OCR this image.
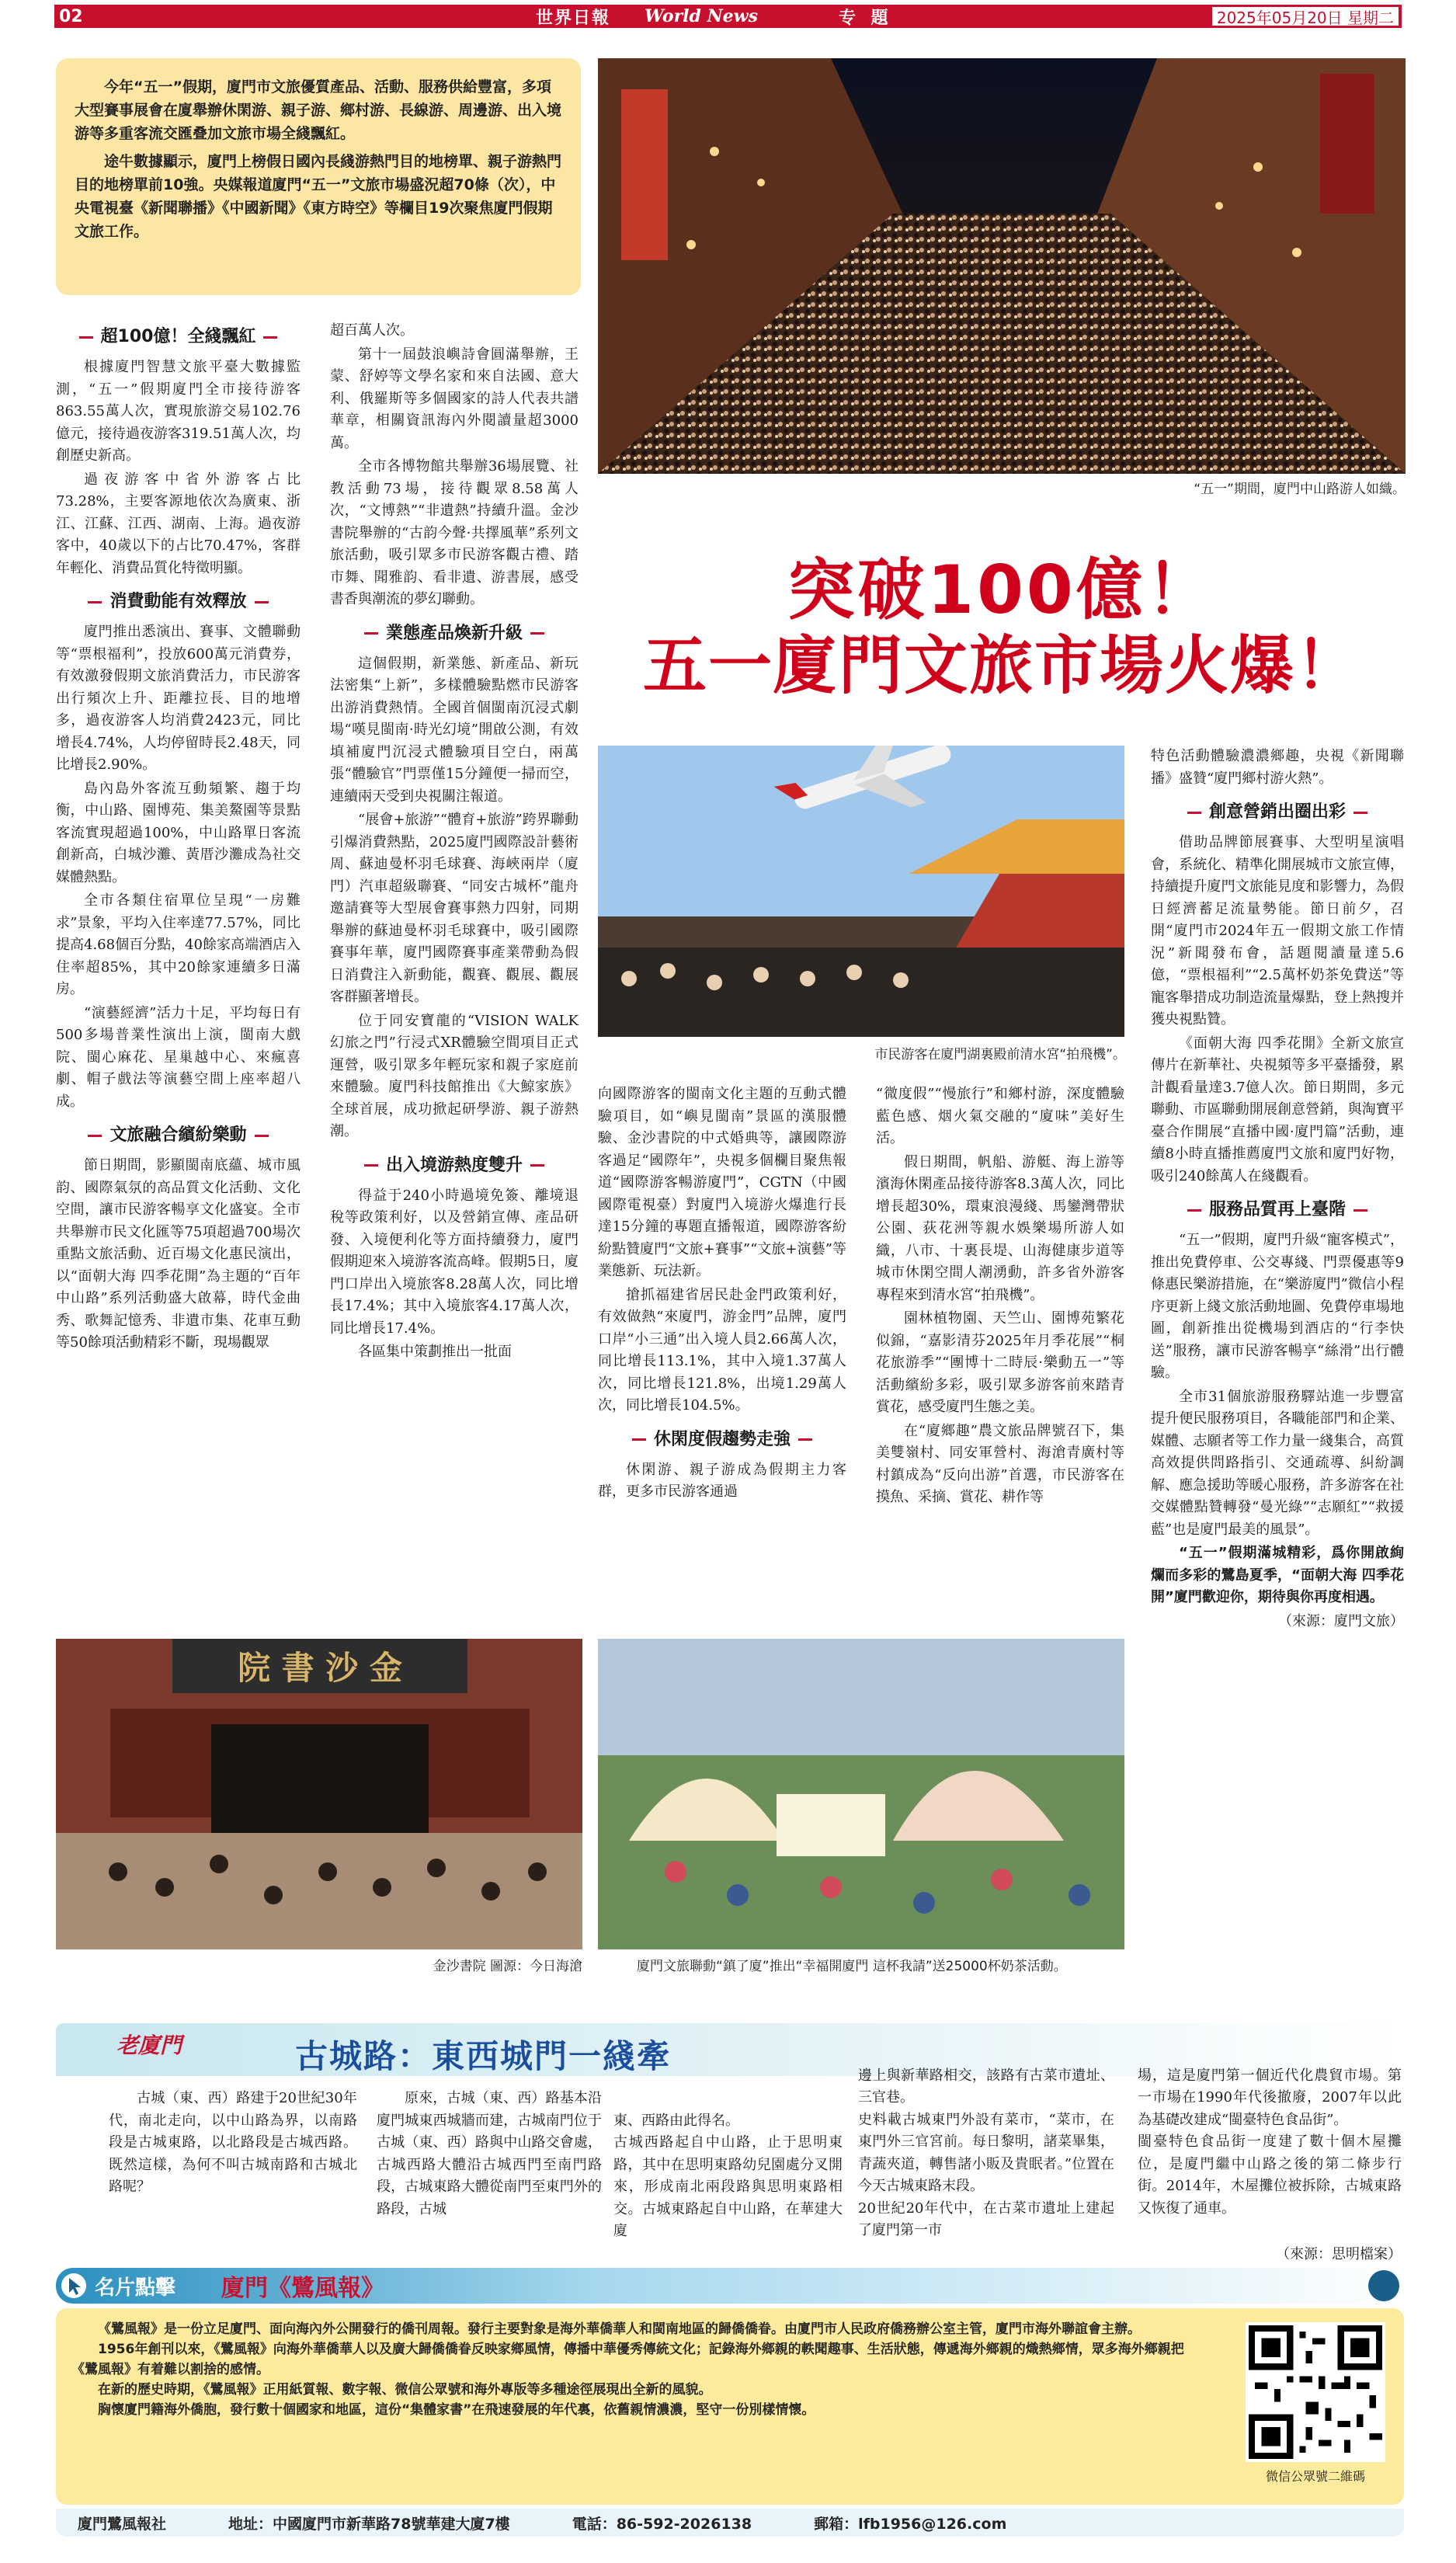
02	世界日報 World News	专 題	2025年05月20日 星期二

今年“五一”假期，廈門市文旅優質產品、活動、服務供給豐富，多項大型賽事展會在廈舉辦休閑游、親子游、鄉村游、長線游、周邊游、出入境游等多重客流交匯叠加文旅市場全綫飄紅。

途牛數據顯示，廈門上榜假日國內長綫游熱門目的地榜單、親子游熱門目的地榜單前10強。央媒報道廈門“五一”文旅市場盛況超70條（次），中央電視臺《新聞聯播》《中國新聞》《東方時空》等欄目19次聚焦廈門假期文旅工作。

“五一”期間，廈門中山路游人如織。
突破100億！
五一廈門文旅市場火爆！
市民游客在廈門湖裏殿前清水宮“拍飛機”。
院 書 沙 金
金沙書院 圖源：今日海滄	廈門文旅聯動“鎮了廈”推出“幸福開廈門 這杯我請”送25000杯奶茶活動。
超100億！全綫飄紅

根據廈門智慧文旅平臺大數據監測，“五一”假期廈門全市接待游客863.55萬人次，實現旅游交易102.76億元，接待過夜游客319.51萬人次，均創歷史新高。

過夜游客中省外游客占比73.28%，主要客源地依次為廣東、浙江、江蘇、江西、湖南、上海。過夜游客中，40歲以下的占比70.47%，客群年輕化、消費品質化特徵明顯。

消費動能有效釋放

廈門推出悉演出、賽事、文體聯動等“票根福利”，投放600萬元消費券，有效激發假期文旅消費活力，市民游客出行頻次上升、距離拉長、目的地增多，過夜游客人均消費2423元，同比增長4.74%，人均停留時長2.48天，同比增長2.90%。

島內島外客流互動頻繁、趨于均衡，中山路、園博苑、集美鰲園等景點客流實現超過100%，中山路單日客流創新高，白城沙灘、黃厝沙灘成為社交媒體熱點。

全市各類住宿單位呈現“一房難求”景象，平均入住率達77.57%，同比提高4.68個百分點，40餘家高端酒店入住率超85%，其中20餘家連續多日滿房。

“演藝經濟”活力十足，平均每日有500多場普業性演出上演，閩南大戲院、閩心麻花、星巢越中心、來瘋喜劇、帽子戲法等演藝空間上座率超八成。

文旅融合繽紛樂動

節日期間，影顯閩南底蘊、城市風韵、國際氣氛的高品質文化活動、文化空間，讓市民游客暢享文化盛宴。全市共舉辦市民文化匯等75項超過700場次重點文旅活動、近百場文化惠民演出，以“面朝大海 四季花開”為主題的“百年中山路”系列活動盛大啟幕，時代金曲秀、歌舞記憶秀、非遺市集、花車互動等50餘項活動精彩不斷，現場觀眾

超百萬人次。

第十一屆鼓浪嶼詩會圓滿舉辦，王蒙、舒婷等文學名家和來自法國、意大利、俄羅斯等多個國家的詩人代表共譜華章，相關資訊海內外閱讀量超3000萬。

全市各博物館共舉辦36場展覽、社教活動73場，接待觀眾8.58萬人次，“文博熱”“非遺熱”持續升溫。金沙書院舉辦的“古韵今聲·共擇風華”系列文旅活動，吸引眾多市民游客觀古禮、踏市舞、聞雅韵、看非遺、游書展，感受書香與潮流的夢幻聯動。

業態產品煥新升級

這個假期，新業態、新產品、新玩法密集“上新”，多樣體驗點燃市民游客出游消費熱情。全國首個閩南沉浸式劇場“嘆見閩南·時光幻境”開啟公測，有效填補廈門沉浸式體驗項目空白，兩萬張“體驗官”門票僅15分鐘便一掃而空，連續兩天受到央視關注報道。

“展會+旅游”“體育+旅游”跨界聯動引爆消費熱點，2025廈門國際設計藝術周、蘇迪曼杯羽毛球賽、海峽兩岸（廈門）汽車超級聯賽、“同安古城杯”龍舟邀請賽等大型展會賽事熱力四射，同期舉辦的蘇迪曼杯羽毛球賽中，吸引國際賽事年華，廈門國際賽事產業帶動為假日消費注入新動能，觀賽、觀展、觀展客群顯著增長。

位于同安寶龍的“VISION WALK幻旅之門”行浸式XR體驗空間項目正式運營，吸引眾多年輕玩家和親子家庭前來體驗。廈門科技館推出《大鯨家族》全球首展，成功掀起研學游、親子游熱潮。

出入境游熱度雙升

得益于240小時過境免簽、離境退稅等政策利好，以及營銷宣傳、產品研發、入境便利化等方面持續發力，廈門假期迎來入境游客流高峰。假期5日，廈門口岸出入境旅客8.28萬人次，同比增長17.4%；其中入境旅客4.17萬人次，同比增長17.4%。

各區集中策劃推出一批面

向國際游客的閩南文化主題的互動式體驗項目，如“嶼見閩南”景區的漢服體驗、金沙書院的中式婚典等，讓國際游客過足“國際年”，央視多個欄目聚焦報道“國際游客暢游廈門”，CGTN（中國國際電視臺）對廈門入境游火爆進行長達15分鐘的專題直播報道，國際游客紛紛點贊廈門“文旅+賽事”“文旅+演藝”等業態新、玩法新。

搶抓福建省居民赴金門政策利好，有效做熱“來廈門，游金門”品牌，廈門口岸“小三通”出入境人員2.66萬人次，同比增長113.1%，其中入境1.37萬人次，同比增長121.8%，出境1.29萬人次，同比增長104.5%。

休閑度假趨勢走強

休閑游、親子游成為假期主力客群，更多市民游客通過

“微度假”“慢旅行”和鄉村游，深度體驗藍色感、烟火氣交融的“廈味”美好生活。

假日期間，帆船、游艇、海上游等濱海休閑產品接待游客8.3萬人次，同比增長超30%，環東浪漫綫、馬鑾灣帶狀公園、荻花洲等親水娛樂場所游人如織，八市、十裏長堤、山海健康步道等城市休閑空間人潮湧動，許多省外游客專程來到清水宮“拍飛機”。

園林植物園、天竺山、園博苑繁花似錦，“嘉影清芬2025年月季花展”“桐花旅游季”“團博十二時辰·樂動五一”等活動繽紛多彩，吸引眾多游客前來踏青賞花，感受廈門生態之美。

在“廈鄉趣”農文旅品牌號召下，集美雙嶺村、同安軍營村、海滄青廣村等村鎮成為“反向出游”首選，市民游客在摸魚、采摘、賞花、耕作等

特色活動體驗濃濃鄉趣，央視《新聞聯播》盛贊“廈門鄉村游火熱”。

創意營銷出圈出彩

借助品牌節展賽事、大型明星演唱會，系統化、精準化開展城市文旅宣傳，持續提升廈門文旅能見度和影響力，為假日經濟蓄足流量勢能。節日前夕，召開“廈門市2024年五一假期文旅工作情況”新聞發布會，話題閱讀量達5.6億，“票根福利”“2.5萬杯奶茶免費送”等寵客舉措成功制造流量爆點，登上熱搜并獲央視點贊。

《面朝大海 四季花開》全新文旅宣傳片在新華社、央視頻等多平臺播發，累計觀看量達3.7億人次。節日期間，多元聯動、市區聯動開展創意營銷，與淘寶平臺合作開展“直播中國·廈門篇”活動，連續8小時直播推薦廈門文旅和廈門好物，吸引240餘萬人在綫觀看。

服務品質再上臺階

“五一”假期，廈門升級“寵客模式”，推出免費停車、公交專綫、門票優惠等9條惠民樂游措施，在“樂游廈門”微信小程序更新上綫文旅活動地圖、免費停車場地圖，創新推出從機場到酒店的“行李快送”服務，讓市民游客暢享“絲滑”出行體驗。

全市31個旅游服務驛站進一步豐富提升便民服務項目，各職能部門和企業、媒體、志願者等工作力量一綫集合，高質高效提供問路指引、交通疏導、糾紛調解、應急援助等暖心服務，許多游客在社交媒體點贊轉發“曼光綠”“志願紅”“救援藍”也是廈門最美的風景”。

“五一”假期滿城精彩，爲你開啟絢爛而多彩的鷺島夏季，“面朝大海 四季花開”廈門歡迎你，期待與你再度相遇。

（來源：廈門文旅）

老廈門	古城路：東西城門一綫牽

古城（東、西）路建于20世紀30年代，南北走向，以中山路為界，以南路段是古城東路，以北路段是古城西路。既然這樣，為何不叫古城南路和古城北路呢？

原來，古城（東、西）路基本沿廈門城東西城牆而建，古城南門位于古城（東、西）路與中山路交會處，古城西路大體沿古城西門至南門路段，古城東路大體從南門至東門外的路段，古城

東、西路由此得名。
古城西路起自中山路，止于思明東路，其中在思明東路幼兒園處分叉開來，形成南北兩段路與思明東路相交。古城東路起自中山路，在華建大廈

邊上與新華路相交，該路有古菜市遺址、三官巷。
史料載古城東門外設有菜市，“菜市，在東門外三官宮前。每日黎明，諸菜畢集，青蔬夾道，轉售諸小販及貴眠者。”位置在今天古城東路末段。
20世紀20年代中，在古菜市遺址上建起了廈門第一市

場，這是廈門第一個近代化農貿市場。第一市場在1990年代後撤廢，2007年以此為基礎改建成“閩臺特色食品街”。
閩臺特色食品街一度建了數十個木屋攤位，是廈門繼中山路之後的第二條步行街。2014年，木屋攤位被拆除，古城東路又恢復了通車。

（來源：思明檔案）

名片點擊 廈門《鷺風報》

《鷺風報》是一份立足廈門、面向海內外公開發行的僑刊周報。發行主要對象是海外華僑華人和閩南地區的歸僑僑眷。由廈門市人民政府僑務辦公室主管，廈門市海外聯誼會主辦。

1956年創刊以來，《鷺風報》向海外華僑華人以及廣大歸僑僑眷反映家鄉風情，傳播中華優秀傳統文化；記錄海外鄉親的軼聞趣事、生活狀態，傳遞海外鄉親的熾熱鄉情，眾多海外鄉親把《鷺風報》有着難以割捨的感情。

在新的歷史時期，《鷺風報》正用紙質報、數字報、微信公眾號和海外專版等多種途徑展現出全新的風貌。

胸懷廈門籍海外僑胞，發行數十個國家和地區，這份“集體家書”在飛速發展的年代裏，依舊親情濃濃，堅守一份別樣情懷。

微信公眾號二維碼
廈門鷺風報社	地址：中國廈門市新華路78號華建大廈7樓	電話：86-592-2026138	郵箱：lfb1956@126.com
